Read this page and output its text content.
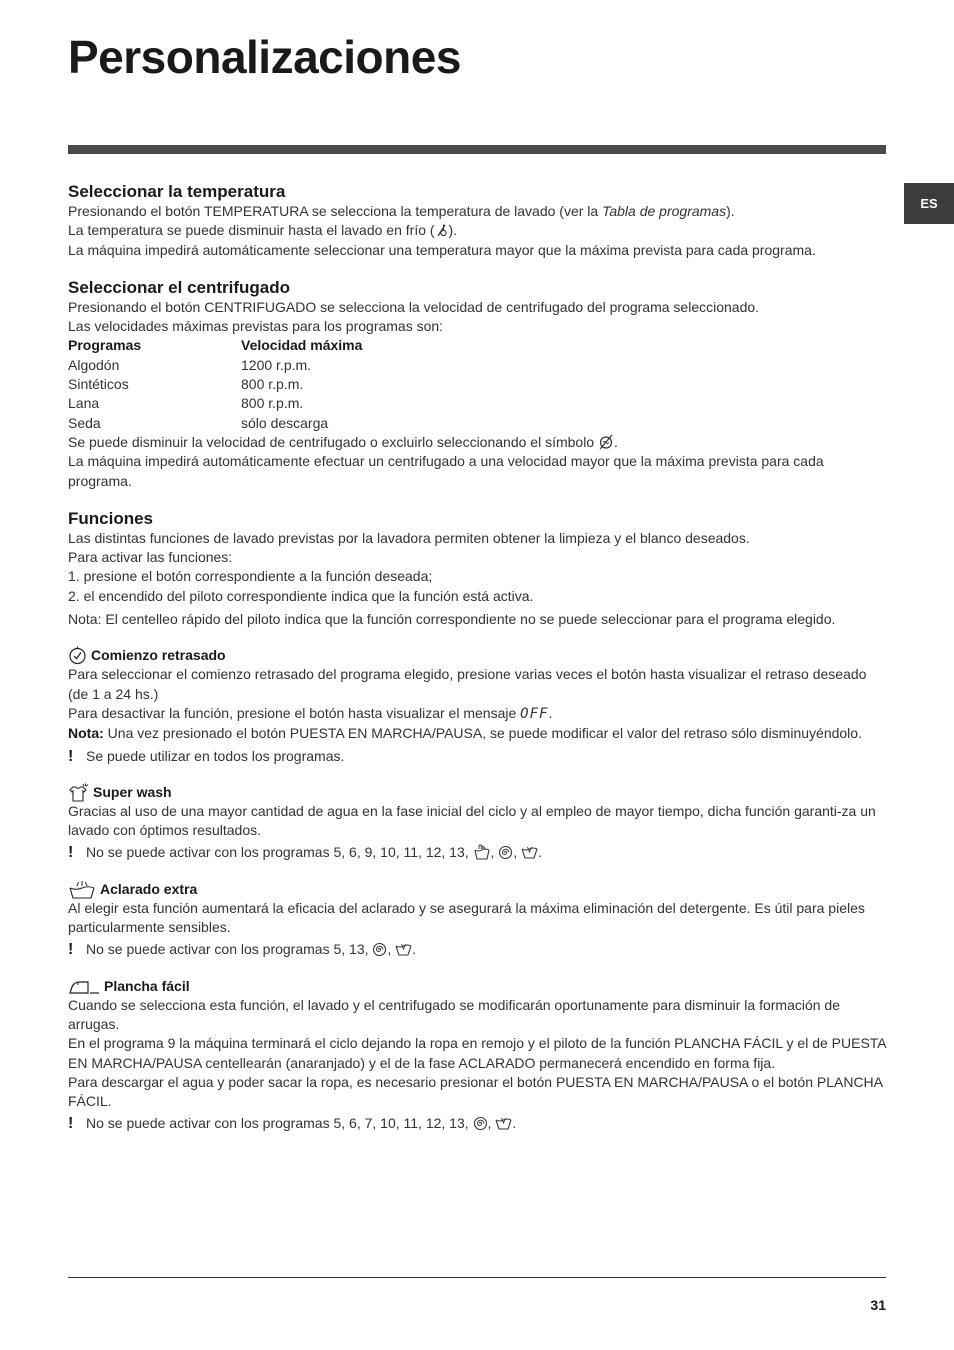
Personalizaciones
ES
Seleccionar la temperatura

Presionando el botón TEMPERATURA se selecciona la temperatura de lavado (ver la Tabla de programas).

La temperatura se puede disminuir hasta el lavado en frío ( ).

La máquina impedirá automáticamente seleccionar una temperatura mayor que la máxima prevista para cada programa.

Seleccionar el centrifugado

Presionando el botón CENTRIFUGADO se selecciona la velocidad de centrifugado del programa seleccionado.

Las velocidades máximas previstas para los programas son:

Programas	Velocidad máxima
Algodón	1200 r.p.m.
Sintéticos	800 r.p.m.
Lana	800 r.p.m.
Seda	sólo descarga

Se puede disminuir la velocidad de centrifugado o excluirlo seleccionando el símbolo .

La máquina impedirá automáticamente efectuar un centrifugado a una velocidad mayor que la máxima prevista para cada programa.

Funciones

Las distintas funciones de lavado previstas por la lavadora permiten obtener la limpieza y el blanco deseados.

Para activar las funciones:

1. presione el botón correspondiente a la función deseada;

2. el encendido del piloto correspondiente indica que la función está activa.

Nota: El centelleo rápido del piloto indica que la función correspondiente no se puede seleccionar para el programa elegido.

Comienzo retrasado

Para seleccionar el comienzo retrasado del programa elegido, presione varias veces el botón hasta visualizar el retraso deseado (de 1 a 24 hs.)

Para desactivar la función, presione el botón hasta visualizar el mensaje OFF.

Nota: Una vez presionado el botón PUESTA EN MARCHA/PAUSA, se puede modificar el valor del retraso sólo disminuyéndolo.

! Se puede utilizar en todos los programas.
Super wash

Gracias al uso de una mayor cantidad de agua en la fase inicial del ciclo y al empleo de mayor tiempo, dicha función garanti-za un lavado con óptimos resultados.

! No se puede activar con los programas 5, 6, 9, 10, 11, 12, 13, , , .
Aclarado extra

Al elegir esta función aumentará la eficacia del aclarado y se asegurará la máxima eliminación del detergente. Es útil para pieles particularmente sensibles.

! No se puede activar con los programas 5, 13, , .
Plancha fácil

Cuando se selecciona esta función, el lavado y el centrifugado se modificarán oportunamente para disminuir la formación de arrugas.

En el programa 9 la máquina terminará el ciclo dejando la ropa en remojo y el piloto de la función PLANCHA FÁCIL y el de PUESTA EN MARCHA/PAUSA centellearán (anaranjado) y el de la fase ACLARADO permanecerá encendido en forma fija.

Para descargar el agua y poder sacar la ropa, es necesario presionar el botón PUESTA EN MARCHA/PAUSA o el botón PLANCHA FÁCIL.

! No se puede activar con los programas 5, 6, 7, 10, 11, 12, 13, , .
31
